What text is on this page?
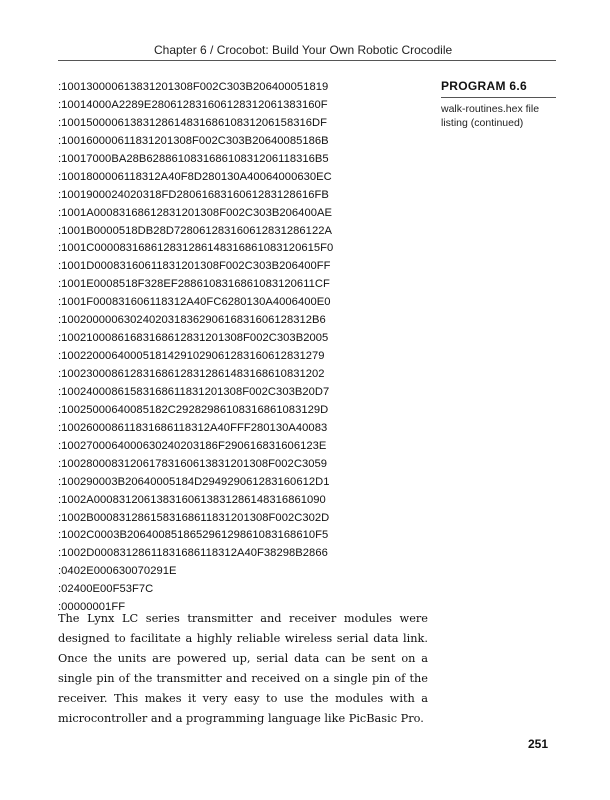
Chapter 6 / Crocobot: Build Your Own Robotic Crocodile
:100130000613831201308F002C303B206400051819
:10014000A2289E280612831606128312061383160F
:1001500006138312861483168610831206158316DF
:100160000611831201308F002C303B20640085186B
:10017000BA28B628861083168610831206118316B5
:1001800006118312A40F8D280130A40064000630EC
:1001900024020318FD2806168316061283128616FB
:1001A00083168612831201308F002C303B206400AE
:1001B0000518DB28D728061283160612831286122A
:1001C000083168612831286148316861083120615F0
:1001D00083160611831201308F002C303B206400FF
:1001E0008518F328EF2886108316861083120611CF
:1001F000831606118312A40FC6280130A4006400E0
:1002000006302402031836290616831606128312B6
:10021000861683168612831201308F002C303B2005
:100220006400051814291029061283160612831279
:100230008612831686128312861483168610831202
:10024000861583168611831201308F002C303B20D7
:10025000640085182C29282986108316861083129D
:100260008611831686118312A40FFF280130A40083
:1002700064000630240203186F290616831606123E
:100280008312061783160613831201308F002C3059
:100290003B20640005184D294929061283160612D1
:1002A0008312061383160613831286148316861090
:1002B0008312861583168611831201308F002C302D
:1002C0003B206400851865296129861083168610F5
:1002D00083128611831686118312A40F38298B2866
:0402E000630070291E
:02400E00F53F7C
:00000001FF
PROGRAM 6.6
walk-routines.hex file listing (continued)

The Lynx LC series transmitter and receiver modules were designed to facilitate a highly reliable wireless serial data link. Once the units are powered up, serial data can be sent on a single pin of the transmitter and received on a single pin of the receiver. This makes it very easy to use the modules with a microcontroller and a programming language like PicBasic Pro.

251
